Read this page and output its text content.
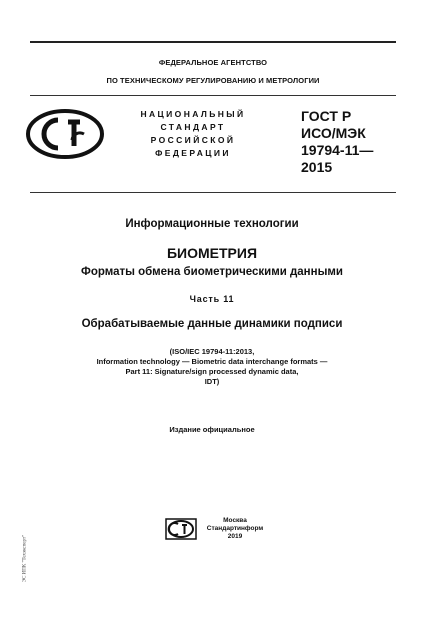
ФЕДЕРАЛЬНОЕ АГЕНТСТВО
ПО ТЕХНИЧЕСКОМУ РЕГУЛИРОВАНИЮ И МЕТРОЛОГИИ
НАЦИОНАЛЬНЫЙ
СТАНДАРТ
РОССИЙСКОЙ
ФЕДЕРАЦИИ
ГОСТ Р
ИСО/МЭК
19794-11—
2015
Информационные технологии
БИОМЕТРИЯ
Форматы обмена биометрическими данными
Часть 11
Обрабатываемые данные динамики подписи
(ISO/IEC 19794-11:2013,
Information technology — Biometric data interchange formats —
Part 11: Signature/sign processed dynamic data,
IDT)
Издание официальное
Москва
Стандартинформ
2019
ЭС ИПК "Техэксперт"
